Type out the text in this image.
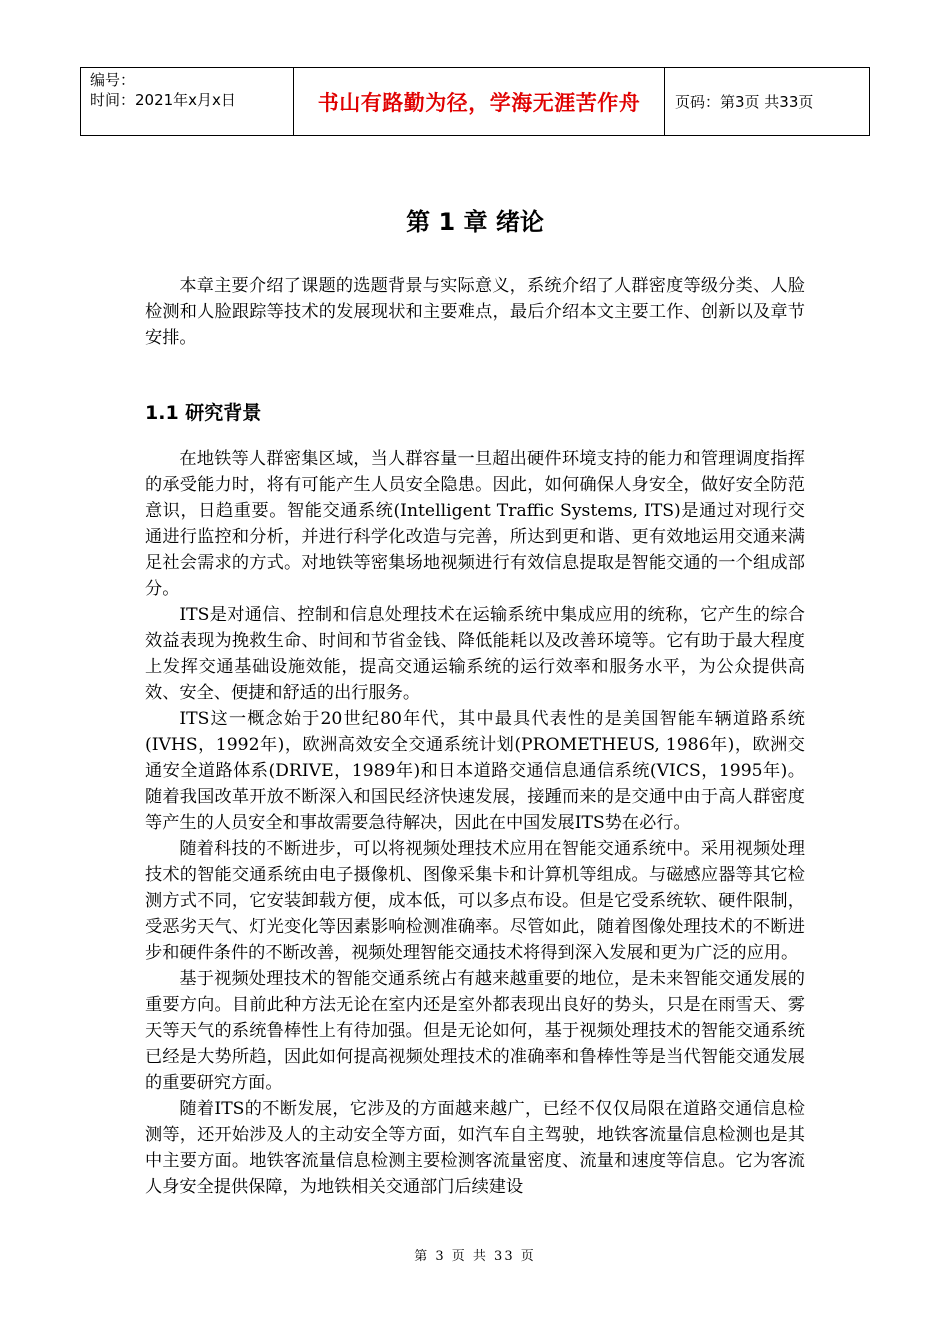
编号：
时间：2021年x月x日	书山有路勤为径，学海无涯苦作舟	页码：第3页 共33页
第 1 章 绪论

本章主要介绍了课题的选题背景与实际意义，系统介绍了人群密度等级分类、人脸检测和人脸跟踪等技术的发展现状和主要难点，最后介绍本文主要工作、创新以及章节安排。

1.1 研究背景

在地铁等人群密集区域，当人群容量一旦超出硬件环境支持的能力和管理调度指挥的承受能力时，将有可能产生人员安全隐患。因此，如何确保人身安全，做好安全防范意识，日趋重要。智能交通系统(Intelligent Traffic Systems, ITS)是通过对现行交通进行监控和分析，并进行科学化改造与完善，所达到更和谐、更有效地运用交通来满足社会需求的方式。对地铁等密集场地视频进行有效信息提取是智能交通的一个组成部分。

ITS是对通信、控制和信息处理技术在运输系统中集成应用的统称，它产生的综合效益表现为挽救生命、时间和节省金钱、降低能耗以及改善环境等。它有助于最大程度上发挥交通基础设施效能，提高交通运输系统的运行效率和服务水平，为公众提供高效、安全、便捷和舒适的出行服务。

ITS这一概念始于20世纪80年代，其中最具代表性的是美国智能车辆道路系统(IVHS，1992年)，欧洲高效安全交通系统计划(PROMETHEUS, 1986年)，欧洲交通安全道路体系(DRIVE，1989年)和日本道路交通信息通信系统(VICS，1995年)。随着我国改革开放不断深入和国民经济快速发展，接踵而来的是交通中由于高人群密度等产生的人员安全和事故需要急待解决，因此在中国发展ITS势在必行。

随着科技的不断进步，可以将视频处理技术应用在智能交通系统中。采用视频处理技术的智能交通系统由电子摄像机、图像采集卡和计算机等组成。与磁感应器等其它检测方式不同，它安装卸载方便，成本低，可以多点布设。但是它受系统软、硬件限制，受恶劣天气、灯光变化等因素影响检测准确率。尽管如此，随着图像处理技术的不断进步和硬件条件的不断改善，视频处理智能交通技术将得到深入发展和更为广泛的应用。

基于视频处理技术的智能交通系统占有越来越重要的地位，是未来智能交通发展的重要方向。目前此种方法无论在室内还是室外都表现出良好的势头，只是在雨雪天、雾天等天气的系统鲁棒性上有待加强。但是无论如何，基于视频处理技术的智能交通系统已经是大势所趋，因此如何提高视频处理技术的准确率和鲁棒性等是当代智能交通发展的重要研究方面。

随着ITS的不断发展，它涉及的方面越来越广，已经不仅仅局限在道路交通信息检测等，还开始涉及人的主动安全等方面，如汽车自主驾驶，地铁客流量信息检测也是其中主要方面。地铁客流量信息检测主要检测客流量密度、流量和速度等信息。它为客流人身安全提供保障，为地铁相关交通部门后续建设

第 3 页 共 33 页
